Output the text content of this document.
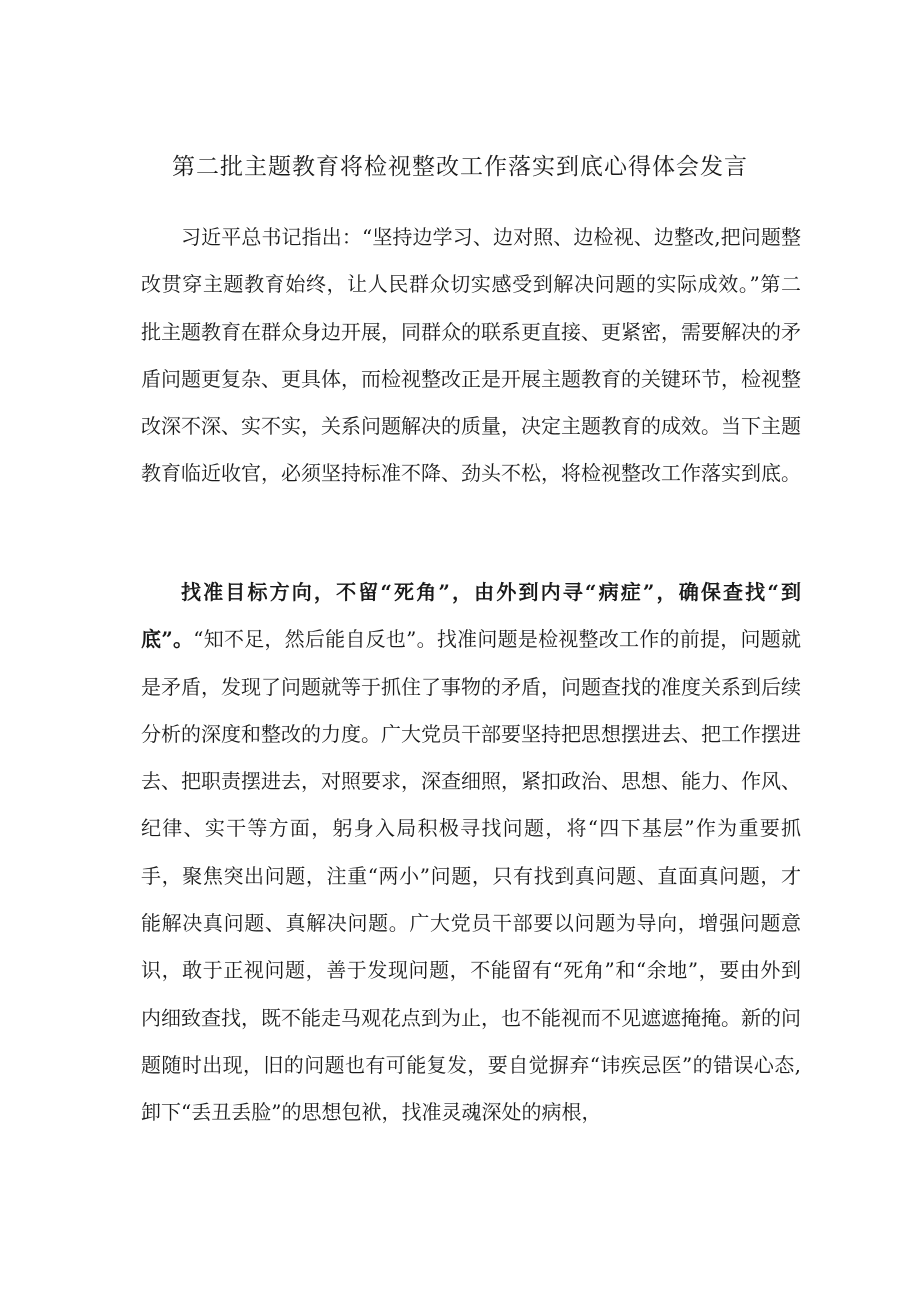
第二批主题教育将检视整改工作落实到底心得体会发言

习近平总书记指出：“坚持边学习、边对照、边检视、边整改,把问题整改贯穿主题教育始终，让人民群众切实感受到解决问题的实际成效。”第二批主题教育在群众身边开展，同群众的联系更直接、更紧密，需要解决的矛盾问题更复杂、更具体，而检视整改正是开展主题教育的关键环节，检视整改深不深、实不实，关系问题解决的质量，决定主题教育的成效。当下主题教育临近收官，必须坚持标准不降、劲头不松，将检视整改工作落实到底。

找准目标方向，不留“死角”，由外到内寻“病症”，确保查找“到底”。“知不足，然后能自反也”。找准问题是检视整改工作的前提，问题就是矛盾，发现了问题就等于抓住了事物的矛盾，问题查找的准度关系到后续分析的深度和整改的力度。广大党员干部要坚持把思想摆进去、把工作摆进去、把职责摆进去，对照要求，深查细照，紧扣政治、思想、能力、作风、纪律、实干等方面，躬身入局积极寻找问题，将“四下基层”作为重要抓手，聚焦突出问题，注重“两小”问题，只有找到真问题、直面真问题，才能解决真问题、真解决问题。广大党员干部要以问题为导向，增强问题意识，敢于正视问题，善于发现问题，不能留有“死角”和“余地”，要由外到内细致查找，既不能走马观花点到为止，也不能视而不见遮遮掩掩。新的问题随时出现，旧的问题也有可能复发，要自觉摒弃“讳疾忌医”的错误心态,卸下“丢丑丢脸”的思想包袱，找准灵魂深处的病根，
